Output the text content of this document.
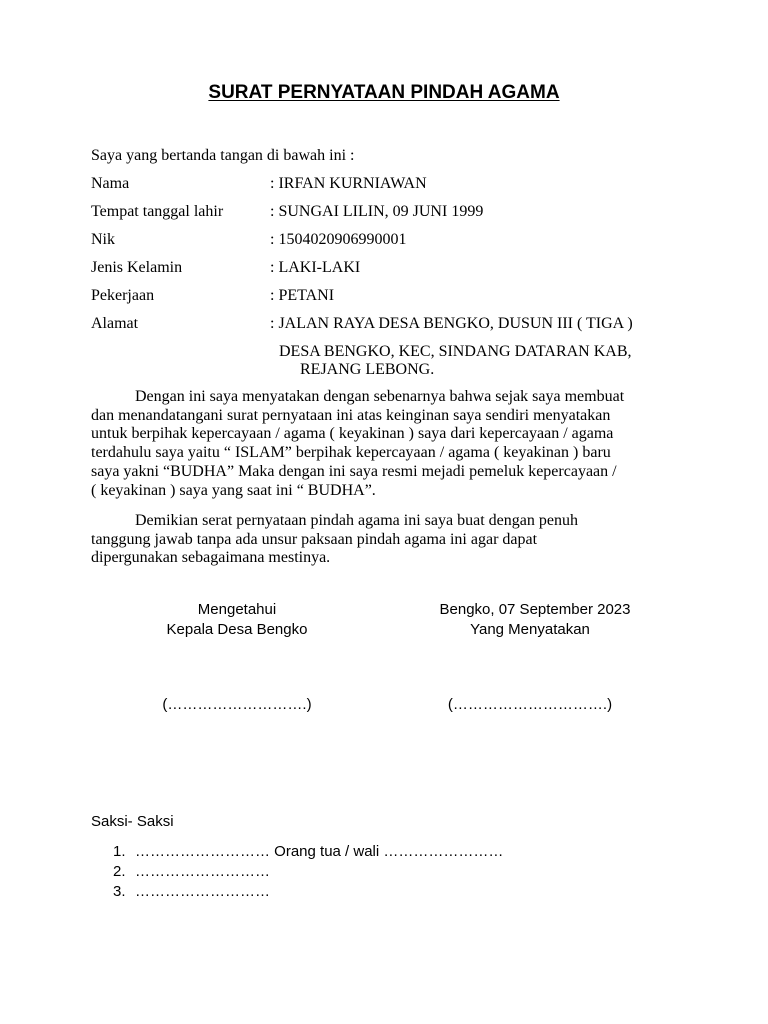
SURAT PERNYATAAN PINDAH AGAMA
Saya yang bertanda tangan di bawah ini :
Nama	: IRFAN KURNIAWAN
Tempat tanggal lahir	: SUNGAI LILIN, 09 JUNI 1999
Nik	: 1504020906990001
Jenis Kelamin	: LAKI-LAKI
Pekerjaan	: PETANI
Alamat	: JALAN RAYA DESA BENGKO, DUSUN III ( TIGA )
DESA BENGKO, KEC, SINDANG DATARAN KAB,
REJANG LEBONG.
Dengan ini saya menyatakan dengan sebenarnya bahwa sejak saya membuat
dan menandatangani surat pernyataan ini atas keinginan saya sendiri menyatakan
untuk berpihak kepercayaan / agama ( keyakinan ) saya dari kepercayaan / agama
terdahulu saya yaitu “ ISLAM” berpihak kepercayaan / agama ( keyakinan ) baru
saya yakni “BUDHA” Maka dengan ini saya resmi mejadi pemeluk kepercayaan /
( keyakinan ) saya yang saat ini “ BUDHA”.
Demikian serat pernyataan pindah agama ini saya buat dengan penuh
tanggung jawab tanpa ada unsur paksaan pindah agama ini agar dapat
dipergunakan sebagaimana mestinya.
Mengetahui
Kepala Desa Bengko
(……………………….)
Bengko, 07 September 2023
Yang Menyatakan
(………………………….)
Saksi- Saksi
1. ……………………… Orang tua / wali ……………………
2. ………………………
3. ………………………
